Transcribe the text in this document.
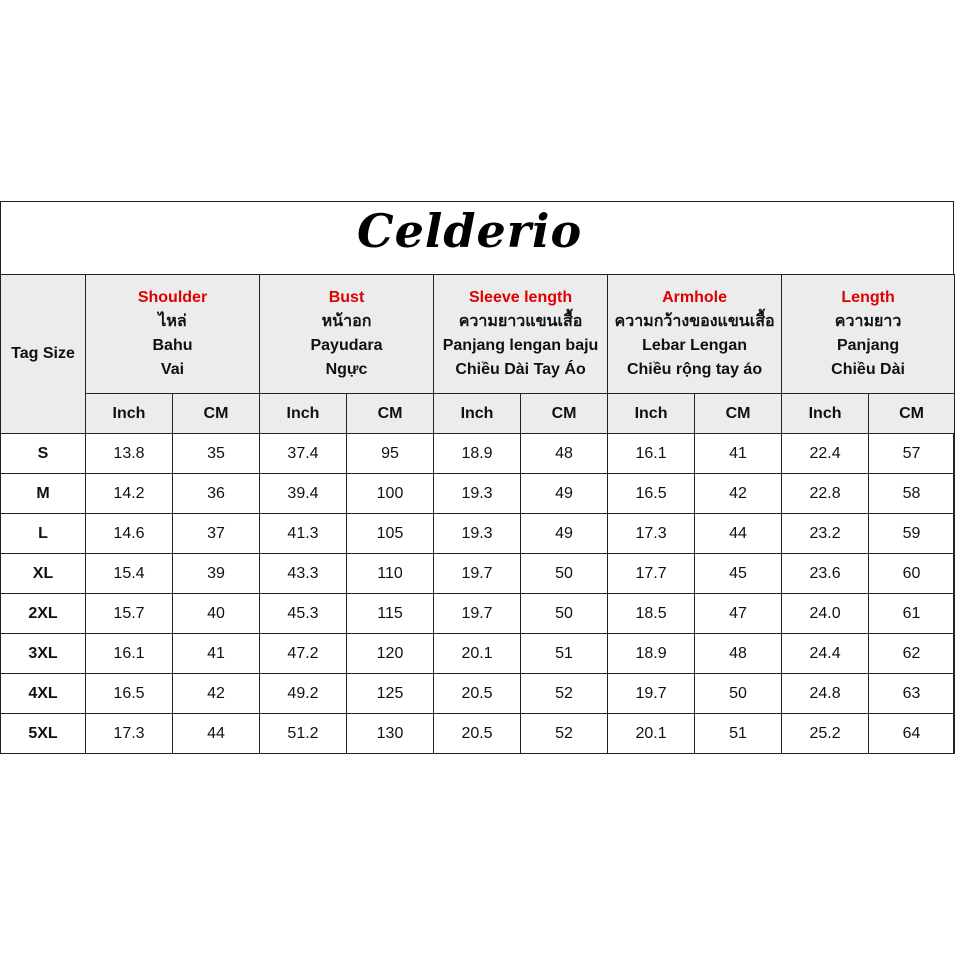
Celderio
Tag Size	Shoulder
ไหล่
Bahu
Vai		Bust
หน้าอก
Payudara
Ngực		Sleeve length
ความยาวแขนเสื้อ
Panjang lengan baju
Chiều Dài Tay Áo		Armhole
ความกว้างของแขนเสื้อ
Lebar Lengan
Chiều rộng tay áo		Length
ความยาว
Panjang
Chiều Dài	

	Inch	CM	Inch	CM	Inch	CM	Inch	CM	Inch	CM
S	13.8	35	37.4	95	18.9	48	16.1	41	22.4	57
M	14.2	36	39.4	100	19.3	49	16.5	42	22.8	58
L	14.6	37	41.3	105	19.3	49	17.3	44	23.2	59
XL	15.4	39	43.3	110	19.7	50	17.7	45	23.6	60
2XL	15.7	40	45.3	115	19.7	50	18.5	47	24.0	61
3XL	16.1	41	47.2	120	20.1	51	18.9	48	24.4	62
4XL	16.5	42	49.2	125	20.5	52	19.7	50	24.8	63
5XL	17.3	44	51.2	130	20.5	52	20.1	51	25.2	64
